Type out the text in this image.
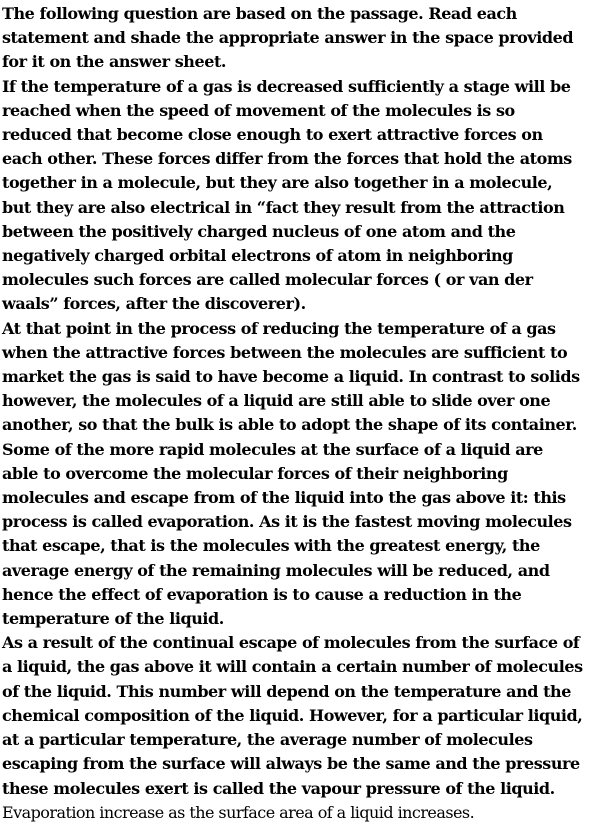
The following question are based on the passage. Read each statement and shade the appropriate answer in the space provided for it on the answer sheet.

If the temperature of a gas is decreased sufficiently a stage will be reached when the speed of movement of the molecules is so reduced that become close enough to exert attractive forces on each other. These forces differ from the forces that hold the atoms together in a molecule, but they are also together in a molecule, but they are also electrical in “fact they result from the attraction between the positively charged nucleus of one atom and the negatively charged orbital electrons of atom in neighboring molecules such forces are called molecular forces ( or van der waals” forces, after the discoverer).

At that point in the process of reducing the temperature of a gas when the attractive forces between the molecules are sufficient to market the gas is said to have become a liquid. In contrast to solids however, the molecules of a liquid are still able to slide over one another, so that the bulk is able to adopt the shape of its container.

Some of the more rapid molecules at the surface of a liquid are able to overcome the molecular forces of their neighboring molecules and escape from of the liquid into the gas above it: this process is called evaporation. As it is the fastest moving molecules that escape, that is the molecules with the greatest energy, the average energy of the remaining molecules will be reduced, and hence the effect of evaporation is to cause a reduction in the temperature of the liquid.

As a result of the continual escape of molecules from the surface of a liquid, the gas above it will contain a certain number of molecules of the liquid. This number will depend on the temperature and the chemical composition of the liquid. However, for a particular liquid, at a particular temperature, the average number of molecules escaping from the surface will always be the same and the pressure these molecules exert is called the vapour pressure of the liquid.

Evaporation increase as the surface area of a liquid increases.
